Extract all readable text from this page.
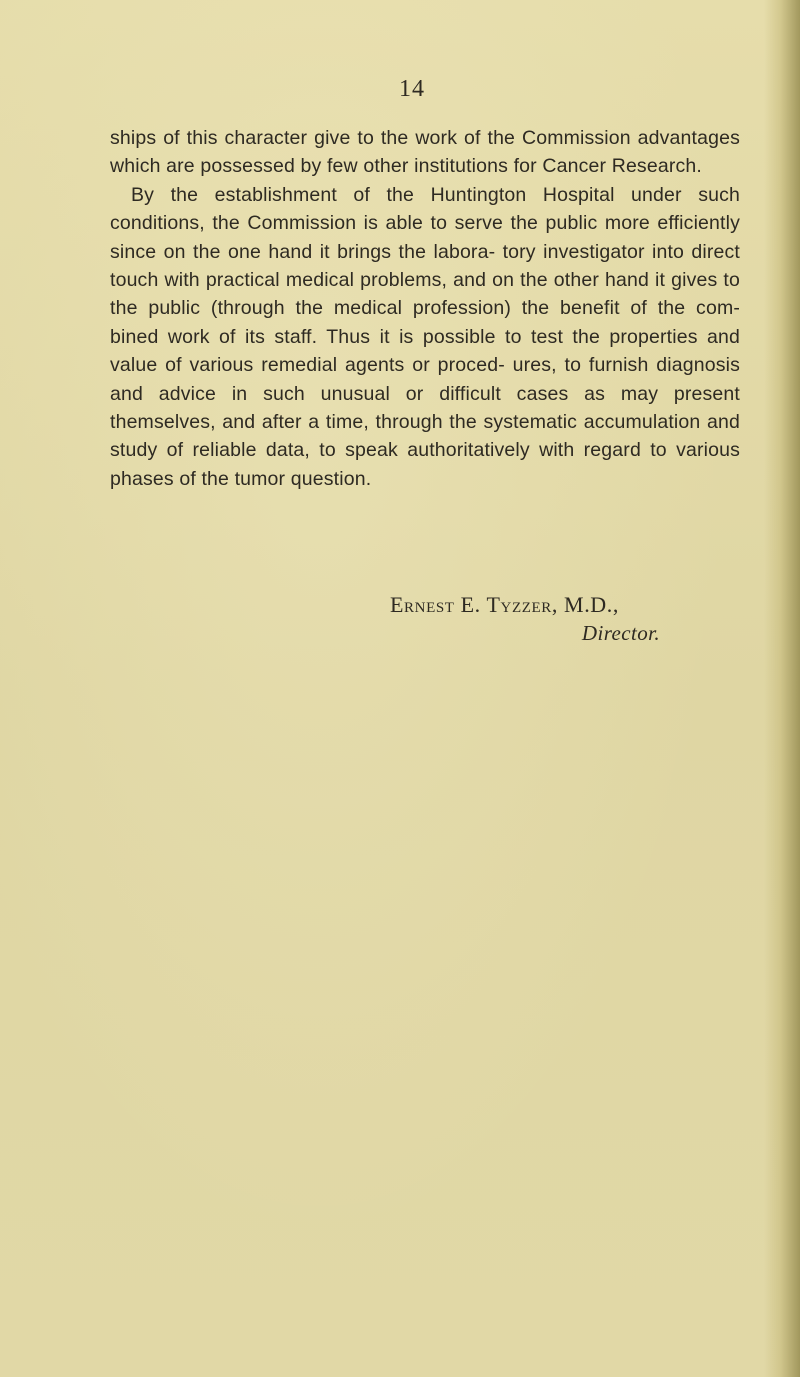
14

ships of this character give to the work of the Commission advantages which are possessed by few other institutions for Cancer Research.

By the establishment of the Huntington Hospital under such conditions, the Commission is able to serve the public more efficiently since on the one hand it brings the labora- tory investigator into direct touch with practical medical problems, and on the other hand it gives to the public (through the medical profession) the benefit of the com- bined work of its staff. Thus it is possible to test the properties and value of various remedial agents or proced- ures, to furnish diagnosis and advice in such unusual or difficult cases as may present themselves, and after a time, through the systematic accumulation and study of reliable data, to speak authoritatively with regard to various phases of the tumor question.

Ernest E. Tyzzer, M.D.,
Director.
